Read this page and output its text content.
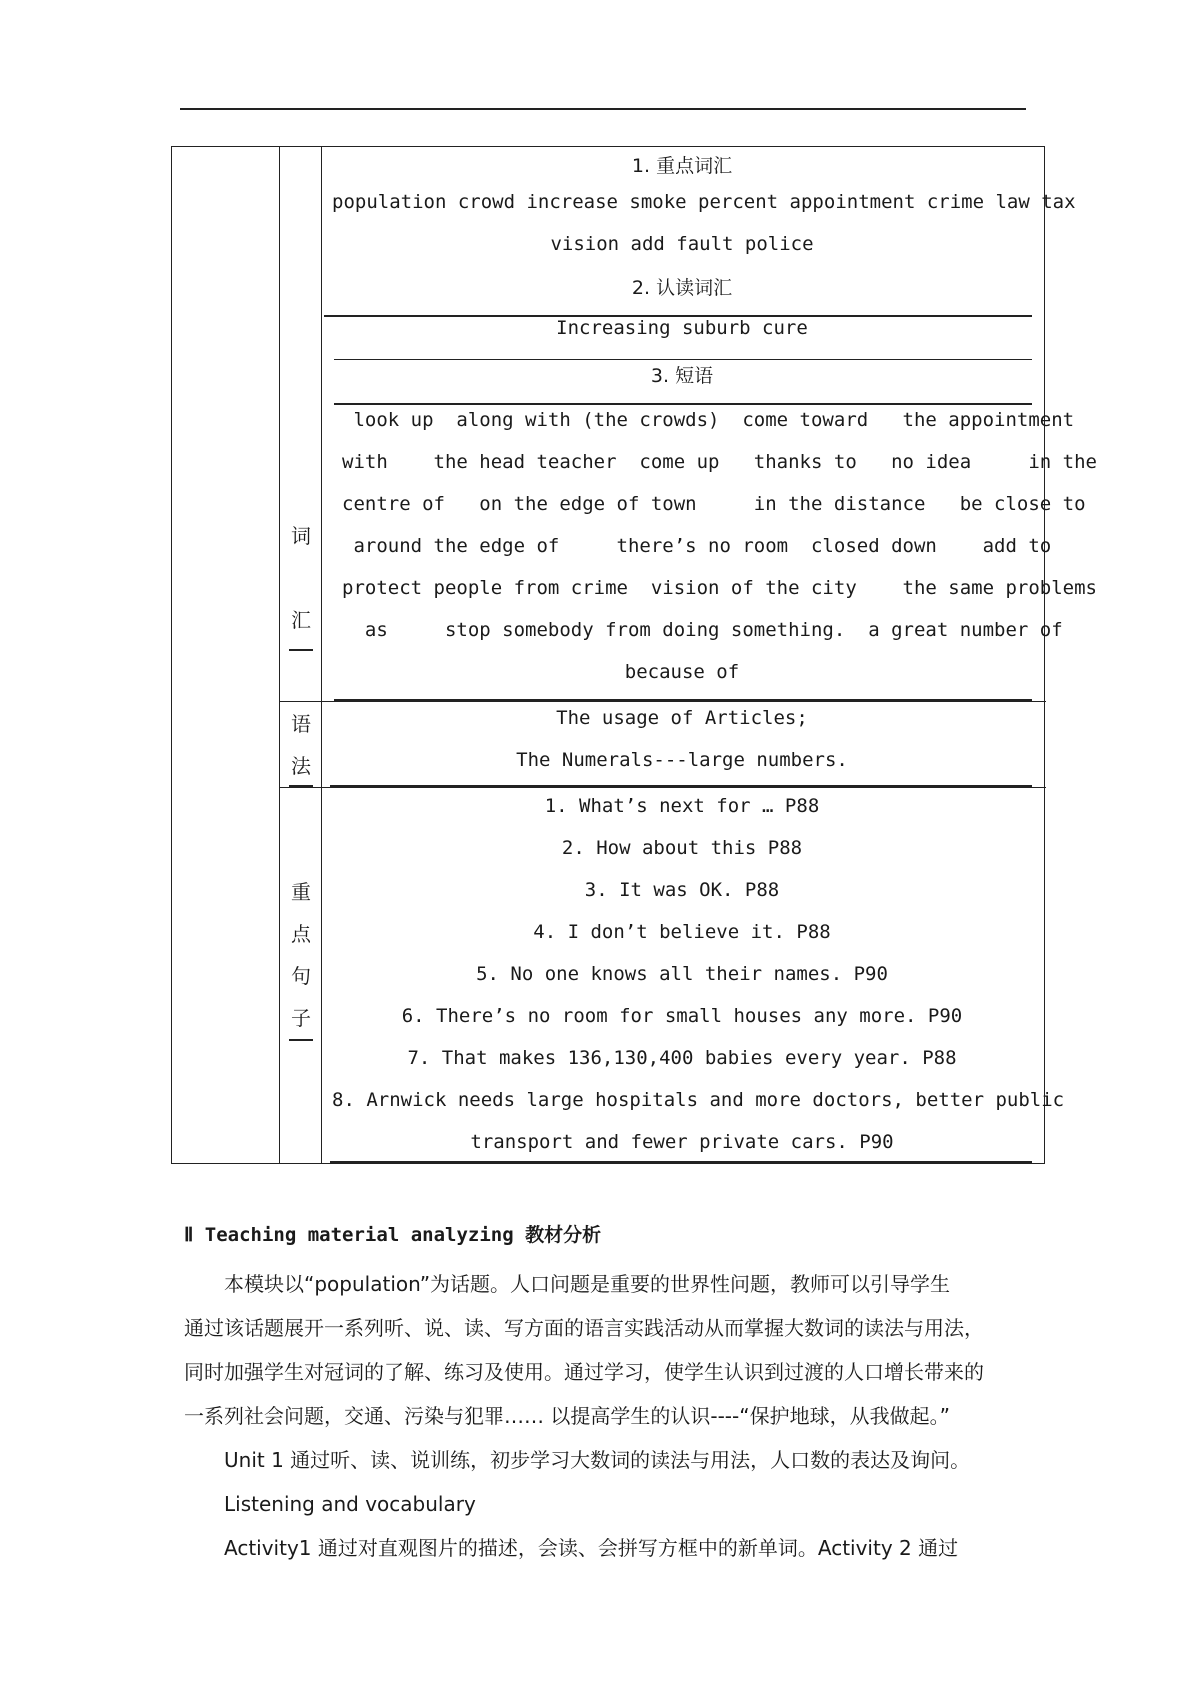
词
汇
语
法
重
点
句
子
1. 重点词汇
population crowd increase smoke percent appointment crime law tax
vision add fault police
2. 认读词汇
Increasing suburb cure
3. 短语
look up  along with (the crowds)  come toward   the appointment
with    the head teacher  come up   thanks to   no idea     in the
centre of   on the edge of town     in the distance   be close to
around the edge of     there’s no room  closed down    add to
protect people from crime  vision of the city    the same problems
as     stop somebody from doing something.  a great number of
because of
The usage of Articles;
The Numerals---large numbers.
1. What’s next for … P88
2. How about this P88
3. It was OK. P88
4. I don’t believe it. P88
5. No one knows all their names. P90
6. There’s no room for small houses any more. P90
7. That makes 136,130,400 babies every year. P88
8. Arnwick needs large hospitals and more doctors, better public
transport and fewer private cars. P90
Ⅱ Teaching material analyzing 教材分析
　　本模块以“population”为话题。人口问题是重要的世界性问题，教师可以引导学生
通过该话题展开一系列听、说、读、写方面的语言实践活动从而掌握大数词的读法与用法，
同时加强学生对冠词的了解、练习及使用。通过学习，使学生认识到过渡的人口增长带来的
一系列社会问题，交通、污染与犯罪…… 以提高学生的认识----“保护地球，从我做起。”
　　Unit 1 通过听、读、说训练，初步学习大数词的读法与用法，人口数的表达及询问。
　　Listening and vocabulary
　　Activity1 通过对直观图片的描述，会读、会拼写方框中的新单词。Activity 2 通过
